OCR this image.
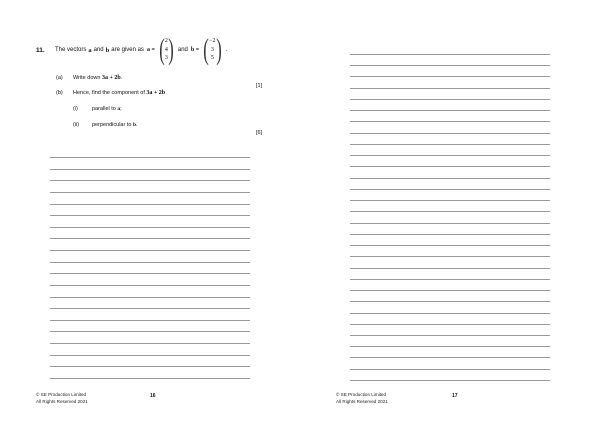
11. The vectors a and b are given as a = ( 2
4
3 ) and b = ( −2
3
5 ) .
(a) Write down 3a + 2b.
[1]
(b) Hence, find the component of 3a + 2b
(i)	parallel to a;
(ii) perpendicular to b.
[6]
© SE Production Limited
All Rights Reserved 2021
16	© SE Production Limited
All Rights Reserved 2021
17
